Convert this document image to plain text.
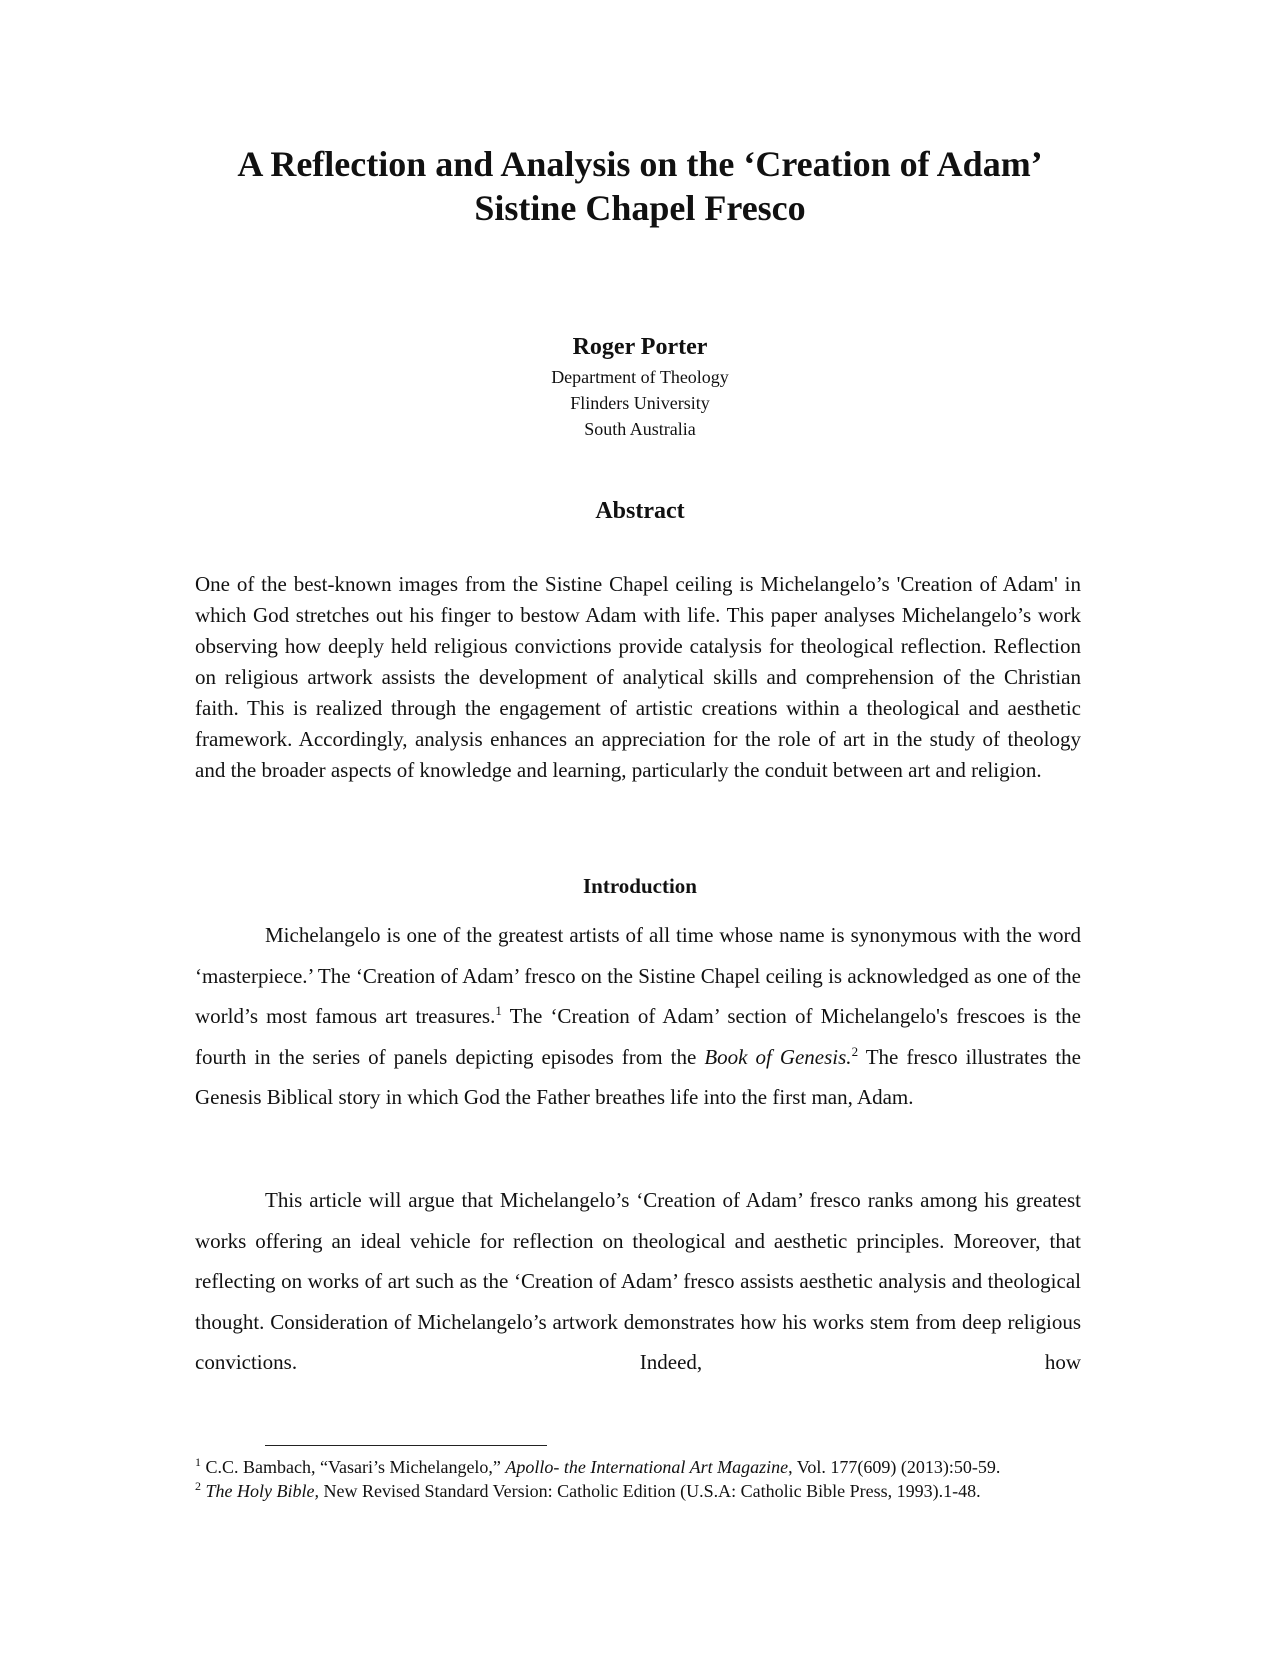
A Reflection and Analysis on the ‘Creation of Adam’
Sistine Chapel Fresco
Roger Porter
Department of Theology
Flinders University
South Australia
Abstract

One of the best-known images from the Sistine Chapel ceiling is Michelangelo’s 'Creation of Adam' in which God stretches out his finger to bestow Adam with life. This paper analyses Michelangelo’s work observing how deeply held religious convictions provide catalysis for theological reflection. Reflection on religious artwork assists the development of analytical skills and comprehension of the Christian faith. This is realized through the engagement of artistic creations within a theological and aesthetic framework. Accordingly, analysis enhances an appreciation for the role of art in the study of theology and the broader aspects of knowledge and learning, particularly the conduit between art and religion.

Introduction

Michelangelo is one of the greatest artists of all time whose name is synonymous with the word ‘masterpiece.’ The ‘Creation of Adam’ fresco on the Sistine Chapel ceiling is acknowledged as one of the world’s most famous art treasures.$^1$ The ‘Creation of Adam’ section of Michelangelo's frescoes is the fourth in the series of panels depicting episodes from the Book of Genesis.$^2$ The fresco illustrates the Genesis Biblical story in which God the Father breathes life into the first man, Adam.

This article will argue that Michelangelo’s ‘Creation of Adam’ fresco ranks among his greatest works offering an ideal vehicle for reflection on theological and aesthetic principles. Moreover, that reflecting on works of art such as the ‘Creation of Adam’ fresco assists aesthetic analysis and theological thought. Consideration of Michelangelo’s artwork demonstrates how his works stem from deep religious convictions. Indeed, how

$^1$ C.C. Bambach, “Vasari’s Michelangelo,” Apollo- the International Art Magazine, Vol. 177(609) (2013):50-59.

$^2$ The Holy Bible, New Revised Standard Version: Catholic Edition (U.S.A: Catholic Bible Press, 1993).1-48.
